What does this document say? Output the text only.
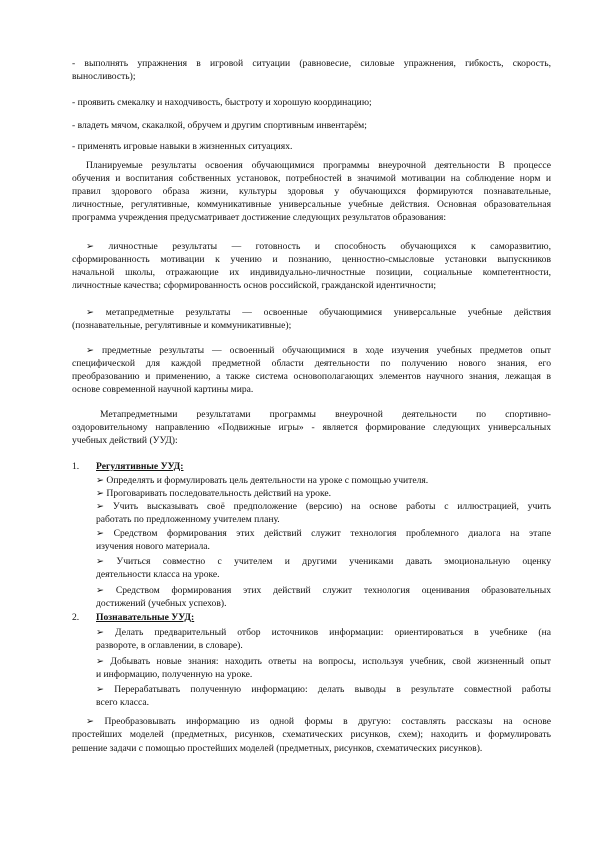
- выполнять упражнения в игровой ситуации (равновесие, силовые упражнения, гибкость, скорость,
выносливость);
- проявить смекалку и находчивость, быстроту и хорошую координацию;
- владеть мячом, скакалкой, обручем и другим спортивным инвентарём;
- применять игровые навыки в жизненных ситуациях.
Планируемые результаты освоения обучающимися программы внеурочной деятельности В процессе
обучения и воспитания собственных установок, потребностей в значимой мотивации на соблюдение норм и
правил здорового образа жизни, культуры здоровья у обучающихся формируются познавательные,
личностные, регулятивные, коммуникативные универсальные учебные действия. Основная образовательная
программа учреждения предусматривает достижение следующих результатов образования:
➢ личностные результаты — готовность и способность обучающихся к саморазвитию,
сформированность мотивации к учению и познанию, ценностно-смысловые установки выпускников
начальной школы, отражающие их индивидуально-личностные позиции, социальные компетентности,
личностные качества; сформированность основ российской, гражданской идентичности;
➢ метапредметные результаты — освоенные обучающимися универсальные учебные действия
(познавательные, регулятивные и коммуникативные);
➢ предметные результаты — освоенный обучающимися в ходе изучения учебных предметов опыт
специфической для каждой предметной области деятельности по получению нового знания, его
преобразованию и применению, а также система основополагающих элементов научного знания, лежащая в
основе современной научной картины мира.
Метапредметными результатами программы внеурочной деятельности по спортивно-
оздоровительному направлению «Подвижные игры» - является формирование следующих универсальных
учебных действий (УУД):
1. Регулятивные УУД:
➢ Определять и формулировать цель деятельности на уроке с помощью учителя.
➢ Проговаривать последовательность действий на уроке.
➢ Учить высказывать своё предположение (версию) на основе работы с иллюстрацией, учить
работать по предложенному учителем плану.
➢ Средством формирования этих действий служит технология проблемного диалога на этапе
изучения нового материала.
➢ Учиться совместно с учителем и другими учениками давать эмоциональную оценку
деятельности класса на уроке.
➢ Средством формирования этих действий служит технология оценивания образовательных
достижений (учебных успехов).
2. Познавательные УУД:
➢ Делать предварительный отбор источников информации: ориентироваться в учебнике (на
развороте, в оглавлении, в словаре).
➢ Добывать новые знания: находить ответы на вопросы, используя учебник, свой жизненный опыт
и информацию, полученную на уроке.
➢ Перерабатывать полученную информацию: делать выводы в результате совместной работы
всего класса.
➢ Преобразовывать информацию из одной формы в другую: составлять рассказы на основе
простейших моделей (предметных, рисунков, схематических рисунков, схем); находить и формулировать
решение задачи с помощью простейших моделей (предметных, рисунков, схематических рисунков).
